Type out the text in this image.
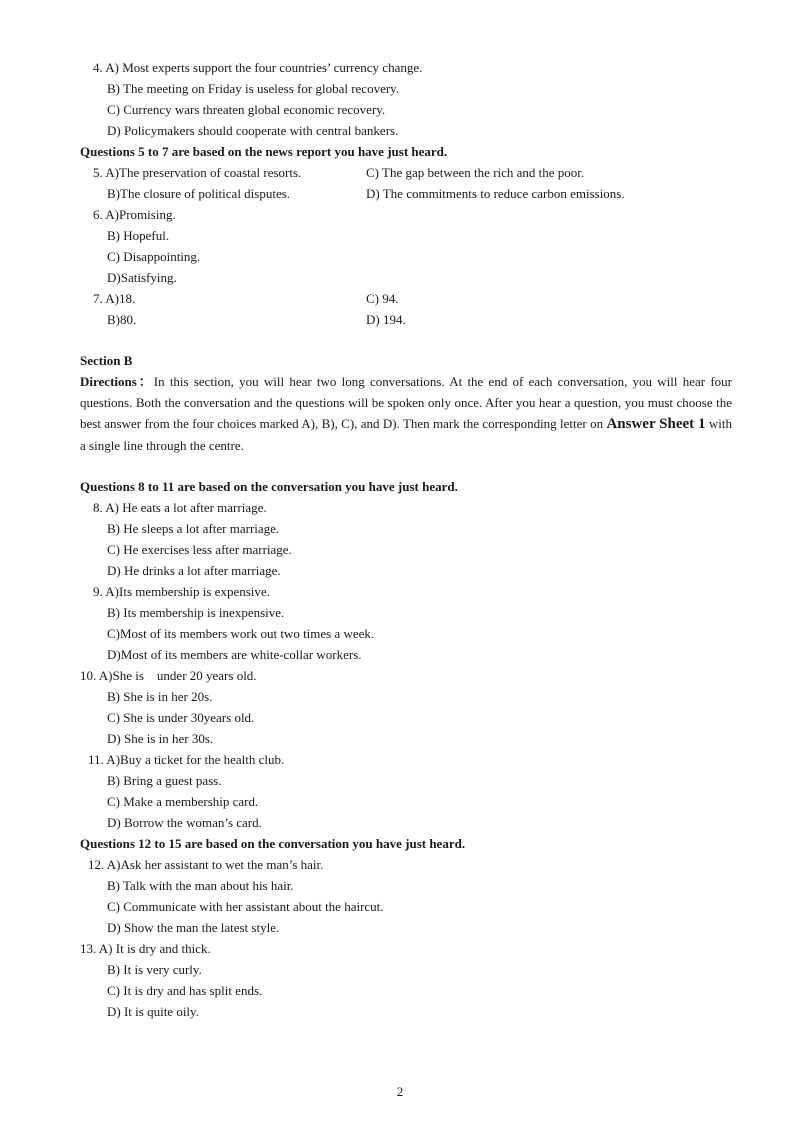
4. A) Most experts support the four countries’ currency change.
B) The meeting on Friday is useless for global recovery.
C) Currency wars threaten global economic recovery.
D) Policymakers should cooperate with central bankers.
Questions 5 to 7 are based on the news report you have just heard.
5. A)The preservation of coastal resorts.	C) The gap between the rich and the poor.
B)The closure of political disputes.	D) The commitments to reduce carbon emissions.
6. A)Promising.
B) Hopeful.
C) Disappointing.
D)Satisfying.
7. A)18.	C) 94.
B)80.	D) 194.
Section B
Directions：In this section, you will hear two long conversations. At the end of each conversation, you will hear four questions. Both the conversation and the questions will be spoken only once. After you hear a question, you must choose the best answer from the four choices marked A), B), C), and D). Then mark the corresponding letter on Answer Sheet 1 with a single line through the centre.
Questions 8 to 11 are based on the conversation you have just heard.
8. A) He eats a lot after marriage.
B) He sleeps a lot after marriage.
C) He exercises less after marriage.
D) He drinks a lot after marriage.
9. A)Its membership is expensive.
B) Its membership is inexpensive.
C)Most of its members work out two times a week.
D)Most of its members are white-collar workers.
10. A)She is    under 20 years old.
B) She is in her 20s.
C) She is under 30years old.
D) She is in her 30s.
11. A)Buy a ticket for the health club.
B) Bring a guest pass.
C) Make a membership card.
D) Borrow the woman’s card.
Questions 12 to 15 are based on the conversation you have just heard.
12. A)Ask her assistant to wet the man’s hair.
B) Talk with the man about his hair.
C) Communicate with her assistant about the haircut.
D) Show the man the latest style.
13. A) It is dry and thick.
B) It is very curly.
C) It is dry and has split ends.
D) It is quite oily.
2
